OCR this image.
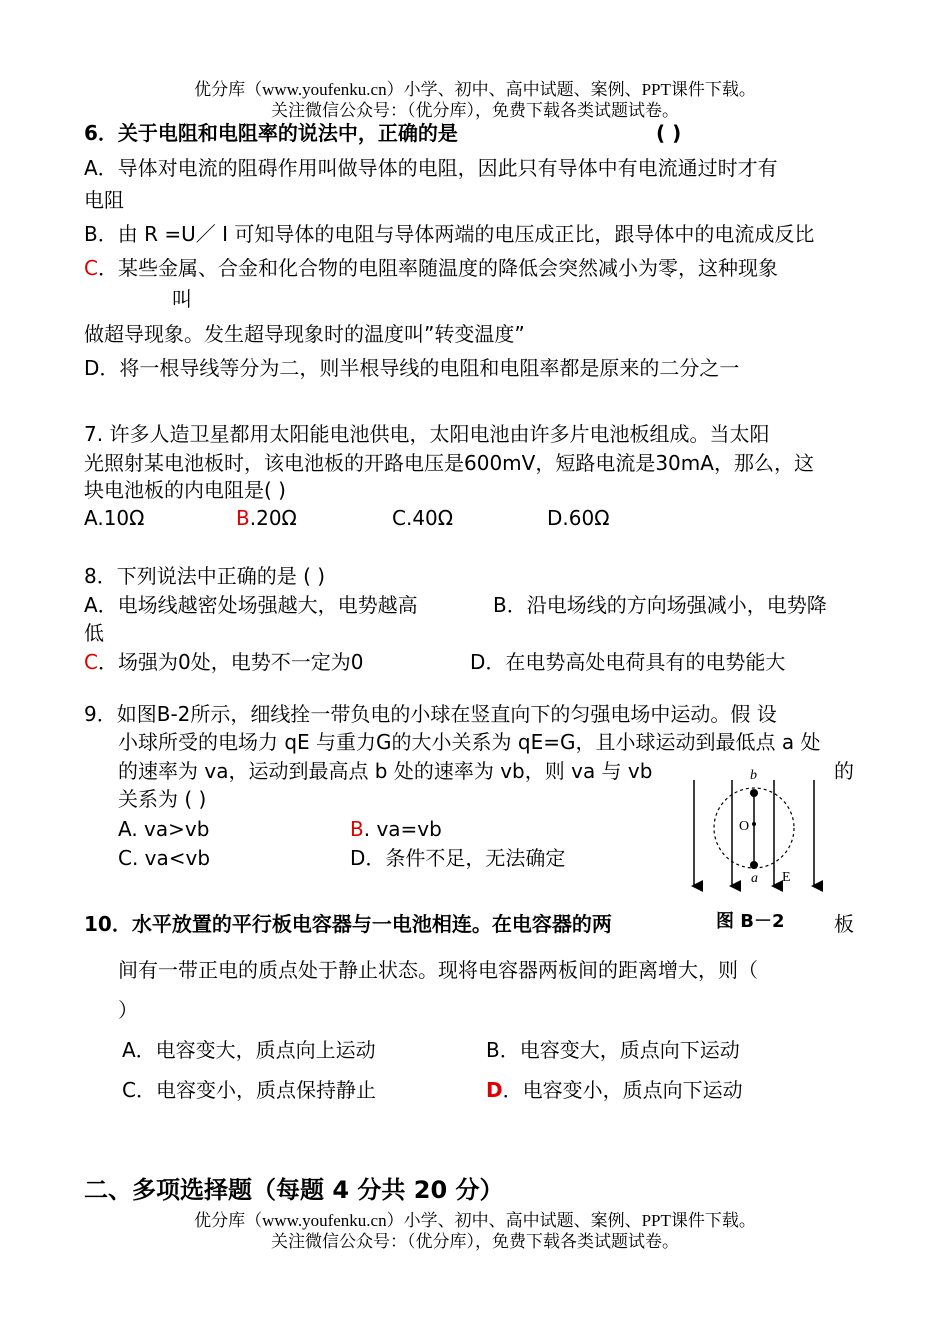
优分库（www.youfenku.cn）小学、初中、高中试题、案例、PPT课件下载。
关注微信公众号：（优分库），免费下载各类试题试卷。
6．关于电阻和电阻率的说法中，正确的是	( )
A．导体对电流的阻碍作用叫做导体的电阻，因此只有导体中有电流通过时才有
电阻
B．由 R =U／ I 可知导体的电阻与导体两端的电压成正比，跟导体中的电流成反比
C．某些金属、合金和化合物的电阻率随温度的降低会突然减小为零，这种现象
叫
做超导现象。发生超导现象时的温度叫”转变温度”
D．将一根导线等分为二，则半根导线的电阻和电阻率都是原来的二分之一
7. 许多人造卫星都用太阳能电池供电，太阳电池由许多片电池板组成。当太阳
光照射某电池板时，该电池板的开路电压是600mV，短路电流是30mA，那么，这
块电池板的内电阻是( )
A.10Ω	B.20Ω	C.40Ω	D.60Ω
8．下列说法中正确的是 ( )
A．电场线越密处场强越大，电势越高	B．沿电场线的方向场强减小，电势降
低
C．场强为0处，电势不一定为0	D．在电势高处电荷具有的电势能大
9．如图B-2所示，细线拴一带负电的小球在竖直向下的匀强电场中运动。假 设
小球所受的电场力 qE 与重力G的大小关系为 qE=G，且小球运动到最低点 a 处
的速率为 va，运动到最高点 b 处的速率为 vb，则 va 与 vb	的
关系为 ( )
A. va>vb	B. va=vb
C. va<vb	D．条件不足，无法确定
b
O
a E
10．水平放置的平行板电容器与一电池相连。在电容器的两	图 B－2 板
间有一带正电的质点处于静止状态。现将电容器两板间的距离增大，则（
）
A．电容变大，质点向上运动	B．电容变大，质点向下运动
C．电容变小，质点保持静止	D．电容变小，质点向下运动
二、多项选择题（每题 4 分共 20 分）
优分库（www.youfenku.cn）小学、初中、高中试题、案例、PPT课件下载。
关注微信公众号：（优分库），免费下载各类试题试卷。
